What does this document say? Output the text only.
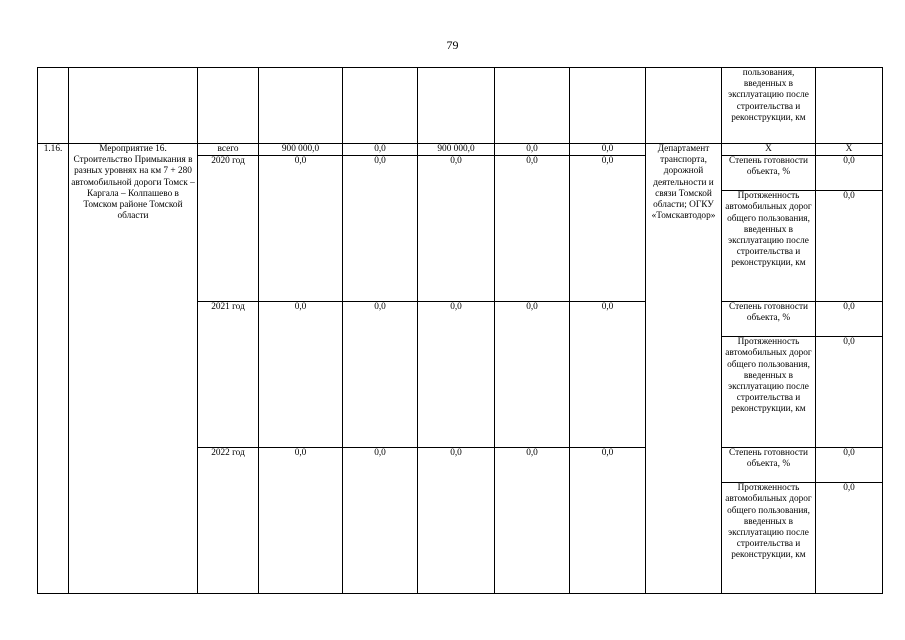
79
									пользования, введенных в эксплуатацию после строительства и реконструкции, км	
1.16.	Мероприятие 16. Строительство Примыкания в разных уровнях на км 7 + 280 автомобильной дороги Томск – Каргала – Колпашево в Томском районе Томской области	всего	900 000,0	0,0	900 000,0	0,0	0,0	Департамент транспорта, дорожной деятельности и связи Томской области; ОГКУ «Томскавтодор»	Х	Х
		2020 год	0,0	0,0	0,0	0,0	0,0		Степень готовности объекта, %	0,0
									Протяженность автомобильных дорог общего пользования, введенных в эксплуатацию после строительства и реконструкции, км	0,0
		2021 год	0,0	0,0	0,0	0,0	0,0		Степень готовности объекта, %	0,0
									Протяженность автомобильных дорог общего пользования, введенных в эксплуатацию после строительства и реконструкции, км	0,0
		2022 год	0,0	0,0	0,0	0,0	0,0		Степень готовности объекта, %	0,0
									Протяженность автомобильных дорог общего пользования, введенных в эксплуатацию после строительства и реконструкции, км	0,0
